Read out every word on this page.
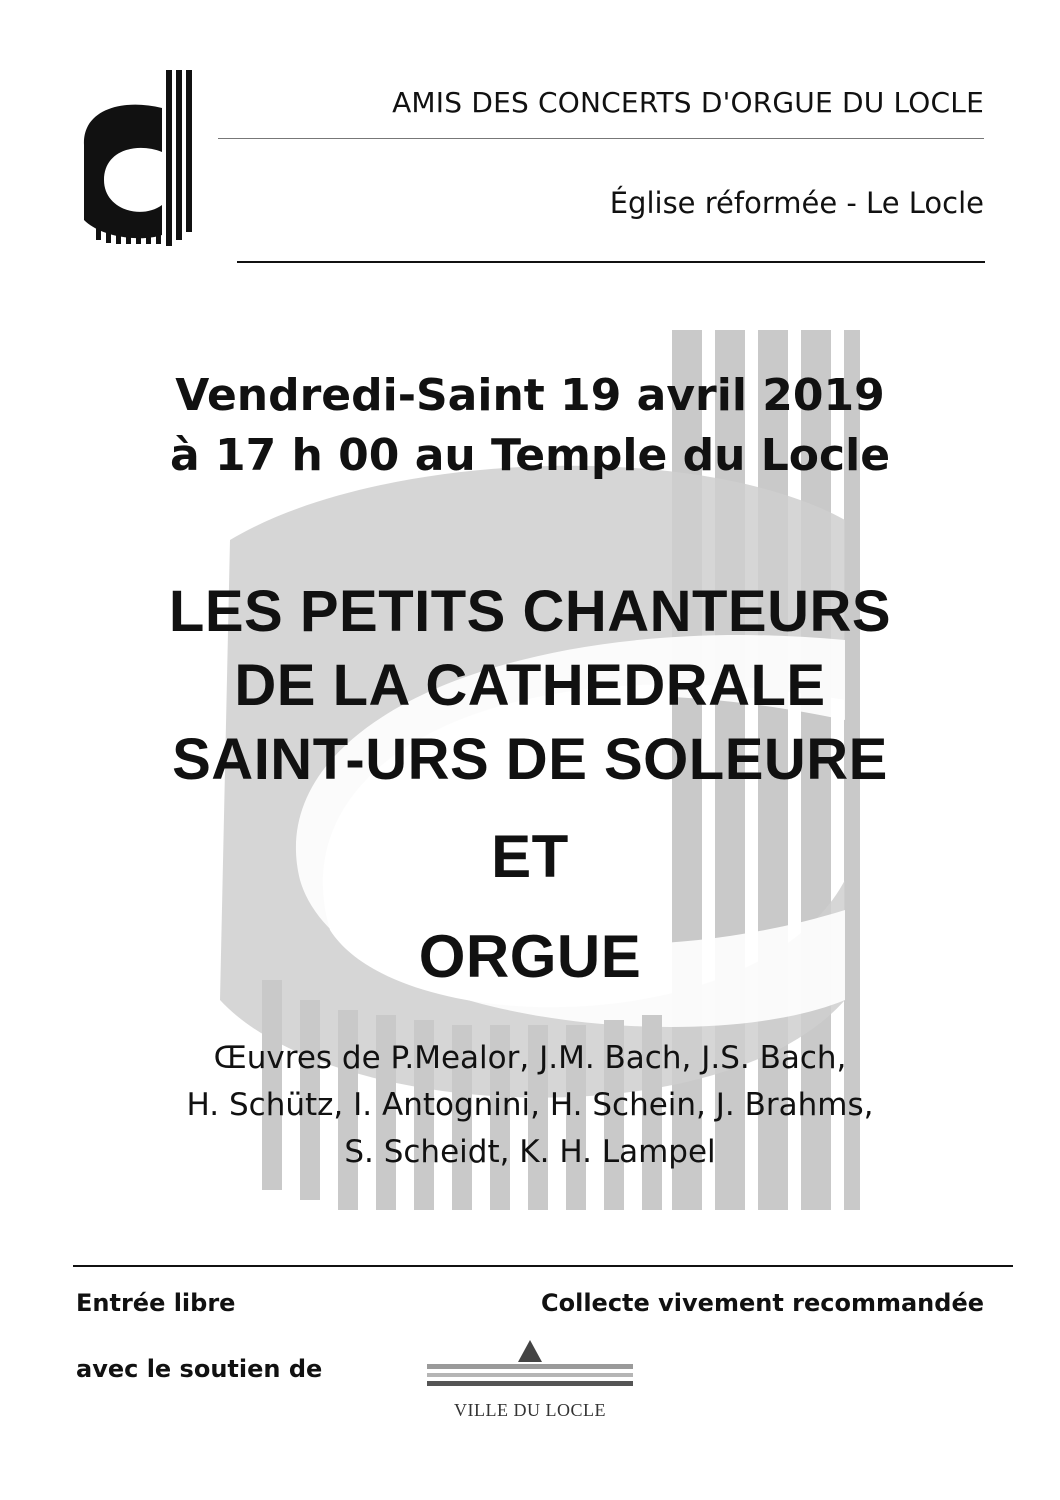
AMIS DES CONCERTS D'ORGUE DU LOCLE
Église réformée - Le Locle
Vendredi-Saint 19 avril 2019
à 17 h 00 au Temple du Locle
LES PETITS CHANTEURS
DE LA CATHEDRALE
SAINT-URS DE SOLEURE
ET
ORGUE
Œuvres de P.Mealor, J.M. Bach, J.S. Bach,
H. Schütz, I. Antognini, H. Schein, J. Brahms,
S. Scheidt, K. H. Lampel
Entrée libre	Collecte vivement recommandée
avec le soutien de
VILLE DU LOCLE
